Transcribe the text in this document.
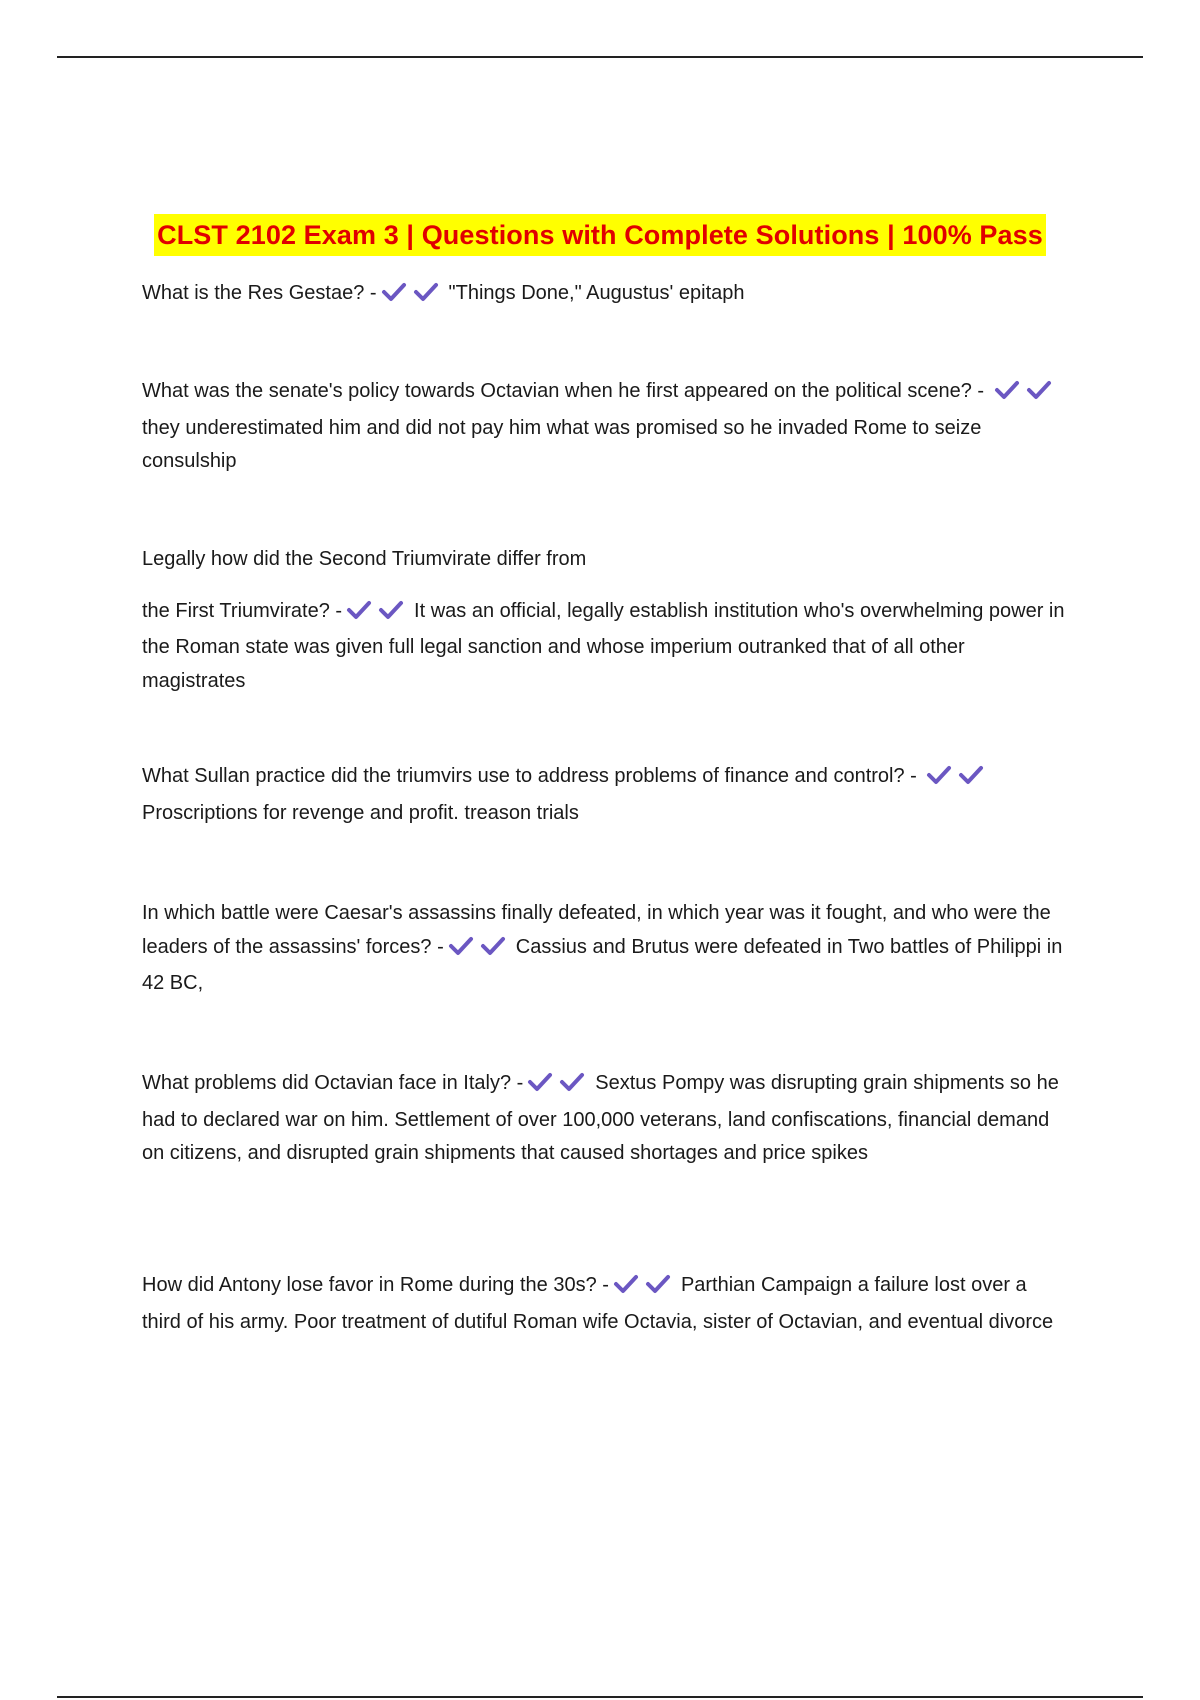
CLST 2102 Exam 3 | Questions with Complete Solutions | 100% Pass

What is the Res Gestae? -	"Things Done," Augustus' epitaph

What was the senate's policy towards Octavian when he first appeared on the political scene? -
they underestimated him and did not pay him what was promised so he invaded Rome to seize consulship

Legally how did the Second Triumvirate differ from

the First Triumvirate? -	It was an official, legally establish institution who's overwhelming power in the Roman state was given full legal sanction and whose imperium outranked that of all other magistrates

What Sullan practice did the triumvirs use to address problems of finance and control? -
Proscriptions for revenge and profit. treason trials

In which battle were Caesar's assassins finally defeated, in which year was it fought, and who were the leaders of the assassins' forces? -	Cassius and Brutus were defeated in Two battles of Philippi in 42 BC,

What problems did Octavian face in Italy? -	Sextus Pompy was disrupting grain shipments so he had to declared war on him. Settlement of over 100,000 veterans, land confiscations, financial demand on citizens, and disrupted grain shipments that caused shortages and price spikes

How did Antony lose favor in Rome during the 30s? -	Parthian Campaign a failure lost over a third of his army. Poor treatment of dutiful Roman wife Octavia, sister of Octavian, and eventual divorce
